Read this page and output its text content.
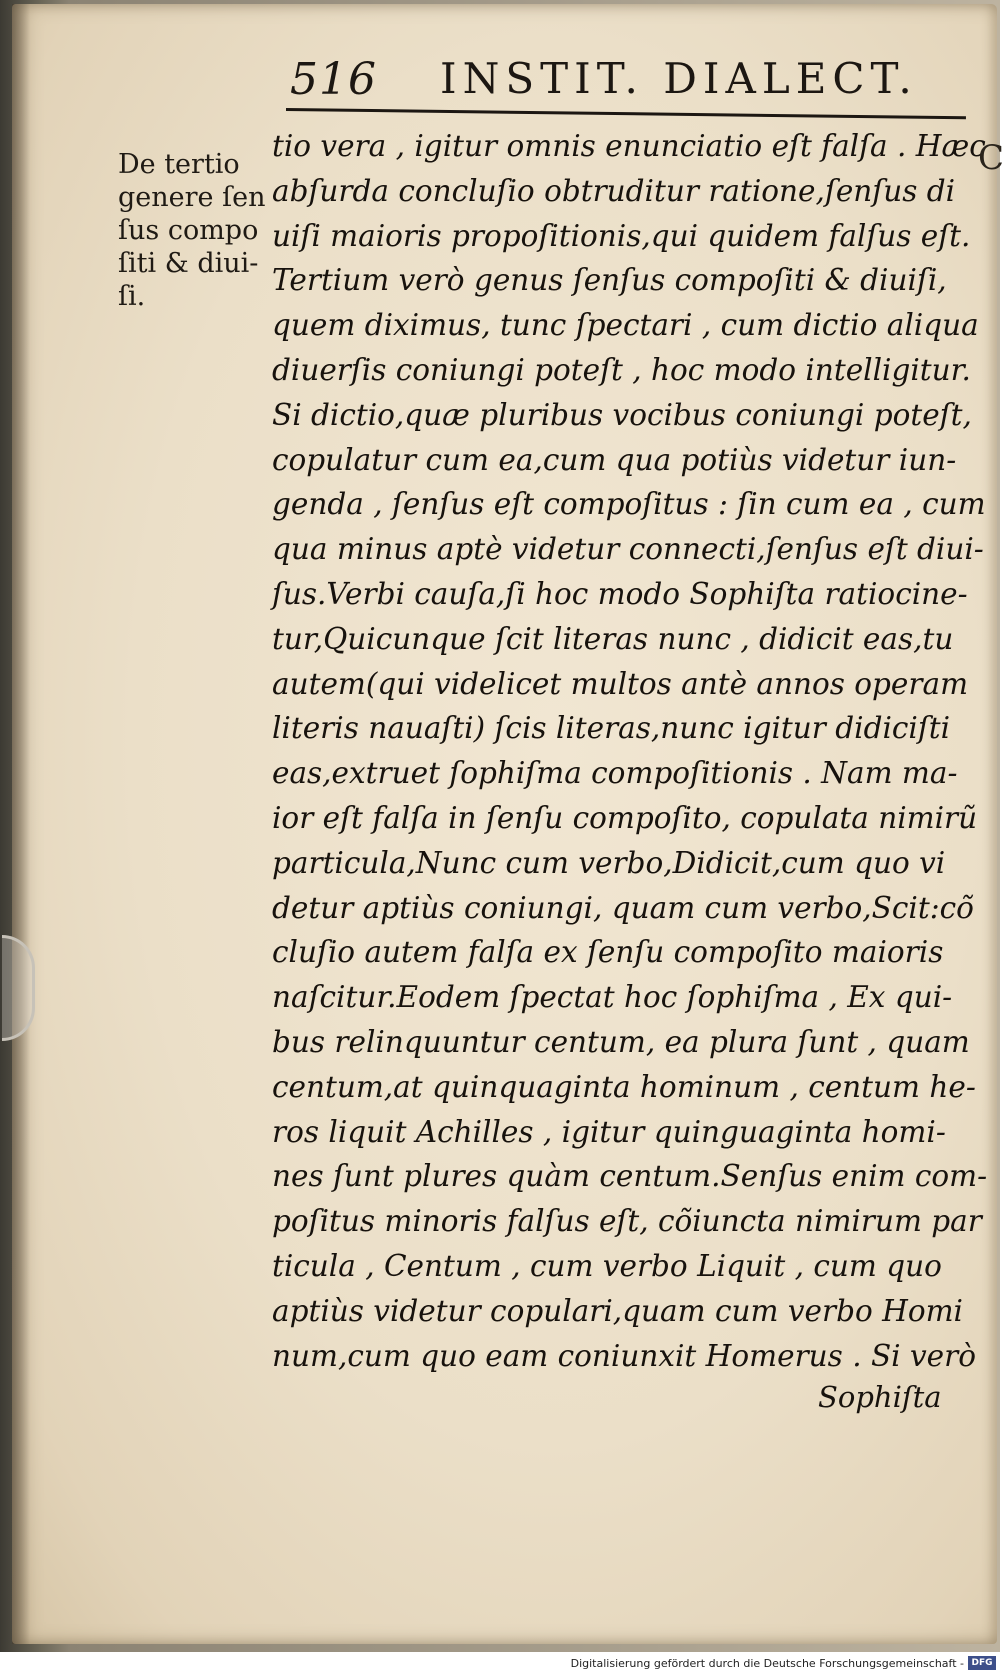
516 INSTIT. DIALECT.
De tertio
genere ſen
ſus compo
ſiti & diui-
ſi.
tio vera , igitur omnis enunciatio eſt falſa . Hæc
abſurda concluſio obtruditur ratione,ſenſus di
uiſi maioris propoſitionis,qui quidem falſus eſt.
Tertium verò genus ſenſus compoſiti & diuiſi,
quem diximus, tunc ſpectari , cum dictio aliqua
diuerſis coniungi poteſt , hoc modo intelligitur.
Si dictio,quæ pluribus vocibus coniungi poteſt,
copulatur cum ea,cum qua potiùs videtur iun-
genda , ſenſus eſt compoſitus : ſin cum ea , cum
qua minus aptè videtur connecti,ſenſus eſt diui-
ſus.Verbi cauſa,ſi hoc modo Sophiſta ratiocine-
tur,Quicunque ſcit literas nunc , didicit eas,tu
autem(qui videlicet multos antè annos operam
literis nauaſti) ſcis literas,nunc igitur didiciſti
eas,extruet ſophiſma compoſitionis . Nam ma-
ior eſt falſa in ſenſu compoſito, copulata nimirũ
particula,Nunc cum verbo,Didicit,cum quo vi
detur aptiùs coniungi, quam cum verbo,Scit:cõ
cluſio autem falſa ex ſenſu compoſito maioris
naſcitur.Eodem ſpectat hoc ſophiſma , Ex qui-
bus relinquuntur centum, ea plura ſunt , quam
centum,at quinquaginta hominum , centum he-
ros liquit Achilles , igitur quinguaginta homi-
nes ſunt plures quàm centum.Senſus enim com-
poſitus minoris falſus eſt, cõiuncta nimirum par
ticula , Centum , cum verbo Liquit , cum quo
aptiùs videtur copulari,quam cum verbo Homi
num,cum quo eam coniunxit Homerus . Si verò
Sophiſta
C
Digitalisierung gefördert durch die Deutsche Forschungsgemeinschaft - DFG
